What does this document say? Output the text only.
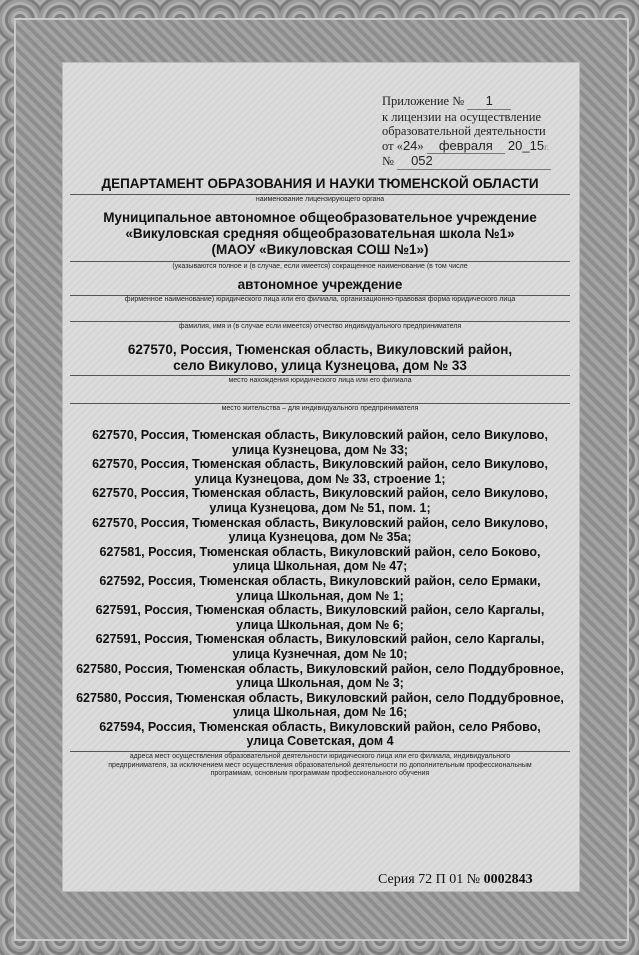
Приложение № 1
к лицензии на осуществление
образовательной деятельности
от «24» февраля 20_15г.
№ 052
ДЕПАРТАМЕНТ ОБРАЗОВАНИЯ И НАУКИ ТЮМЕНСКОЙ ОБЛАСТИ
наименование лицензирующего органа
Муниципальное автономное общеобразовательное учреждение
«Викуловская средняя общеобразовательная школа №1»
(МАОУ «Викуловская СОШ №1»)
(указываются полное и (в случае, если имеется) сокращенное наименование (в том числе
автономное учреждение
фирменное наименование) юридического лица или его филиала, организационно-правовая форма юридического лица
фамилия, имя и (в случае если имеется) отчество индивидуального предпринимателя
627570, Россия, Тюменская область, Викуловский район,
село Викулово, улица Кузнецова, дом № 33
место нахождения юридического лица или его филиала
место жительства – для индивидуального предпринимателя
627570, Россия, Тюменская область, Викуловский район, село Викулово,
улица Кузнецова, дом № 33;
627570, Россия, Тюменская область, Викуловский район, село Викулово,
улица Кузнецова, дом № 33, строение 1;
627570, Россия, Тюменская область, Викуловский район, село Викулово,
улица Кузнецова, дом № 51, пом. 1;
627570, Россия, Тюменская область, Викуловский район, село Викулово,
улица Кузнецова, дом № 35а;
627581, Россия, Тюменская область, Викуловский район, село Боково,
улица Школьная, дом № 47;
627592, Россия, Тюменская область, Викуловский район, село Ермаки,
улица Школьная, дом № 1;
627591, Россия, Тюменская область, Викуловский район, село Каргалы,
улица Школьная, дом № 6;
627591, Россия, Тюменская область, Викуловский район, село Каргалы,
улица Кузнечная, дом № 10;
627580, Россия, Тюменская область, Викуловский район, село Поддубровное,
улица Школьная, дом № 3;
627580, Россия, Тюменская область, Викуловский район, село Поддубровное,
улица Школьная, дом № 16;
627594, Россия, Тюменская область, Викуловский район, село Рябово,
улица Советская, дом 4
адреса мест осуществления образовательной деятельности юридического лица или его филиала, индивидуального
предпринимателя, за исключением мест осуществления образовательной деятельности по дополнительным профессиональным
программам, основным программам профессионального обучения
Серия 72 П 01 № 0002843
